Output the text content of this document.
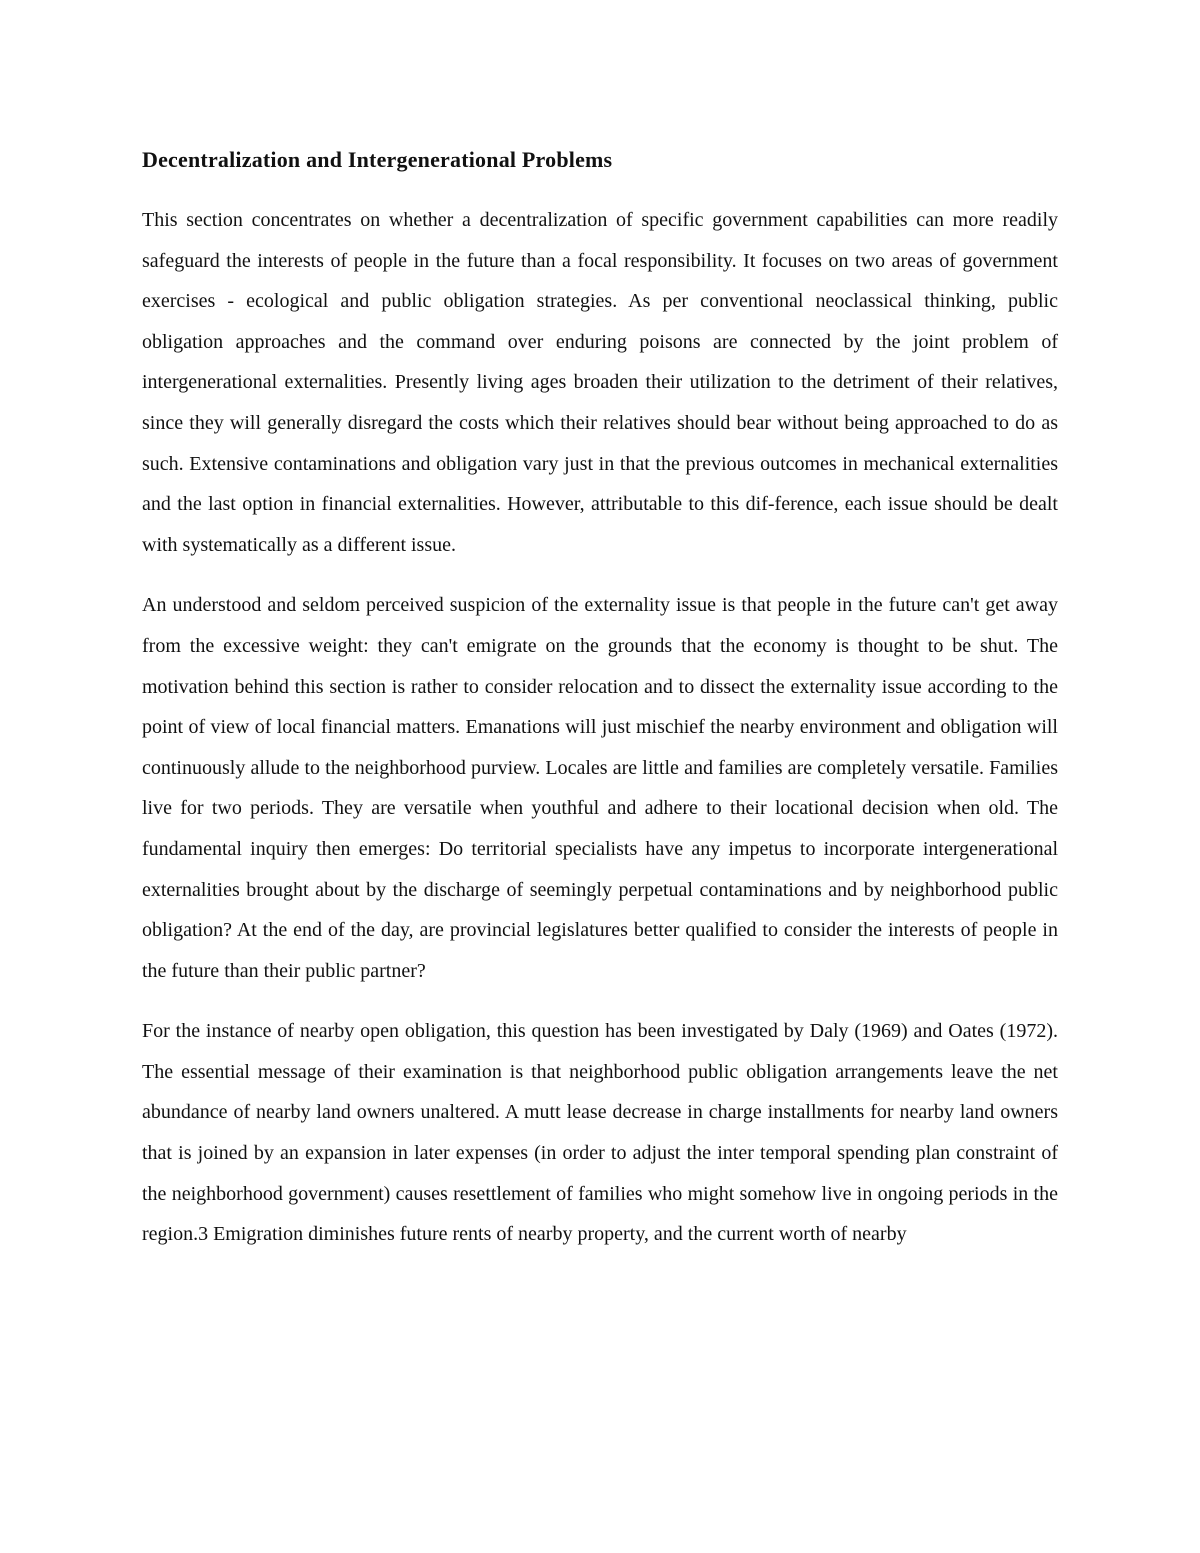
Decentralization and Intergenerational Problems

This section concentrates on whether a decentralization of specific government capabilities can more readily safeguard the interests of people in the future than a focal responsibility. It focuses on two areas of government exercises - ecological and public obligation strategies. As per conventional neoclassical thinking, public obligation approaches and the command over enduring poisons are connected by the joint problem of intergenerational externalities. Presently living ages broaden their utilization to the detriment of their relatives, since they will generally disregard the costs which their relatives should bear without being approached to do as such. Extensive contaminations and obligation vary just in that the previous outcomes in mechanical externalities and the last option in financial externalities. However, attributable to this dif-ference, each issue should be dealt with systematically as a different issue.

An understood and seldom perceived suspicion of the externality issue is that people in the future can't get away from the excessive weight: they can't emigrate on the grounds that the economy is thought to be shut. The motivation behind this section is rather to consider relocation and to dissect the externality issue according to the point of view of local financial matters. Emanations will just mischief the nearby environment and obligation will continuously allude to the neighborhood purview. Locales are little and families are completely versatile. Families live for two periods. They are versatile when youthful and adhere to their locational decision when old. The fundamental inquiry then emerges: Do territorial specialists have any impetus to incorporate intergenerational externalities brought about by the discharge of seemingly perpetual contaminations and by neighborhood public obligation? At the end of the day, are provincial legislatures better qualified to consider the interests of people in the future than their public partner?

For the instance of nearby open obligation, this question has been investigated by Daly (1969) and Oates (1972). The essential message of their examination is that neighborhood public obligation arrangements leave the net abundance of nearby land owners unaltered. A mutt lease decrease in charge installments for nearby land owners that is joined by an expansion in later expenses (in order to adjust the inter temporal spending plan constraint of the neighborhood government) causes resettlement of families who might somehow live in ongoing periods in the region.3 Emigration diminishes future rents of nearby property, and the current worth of nearby
